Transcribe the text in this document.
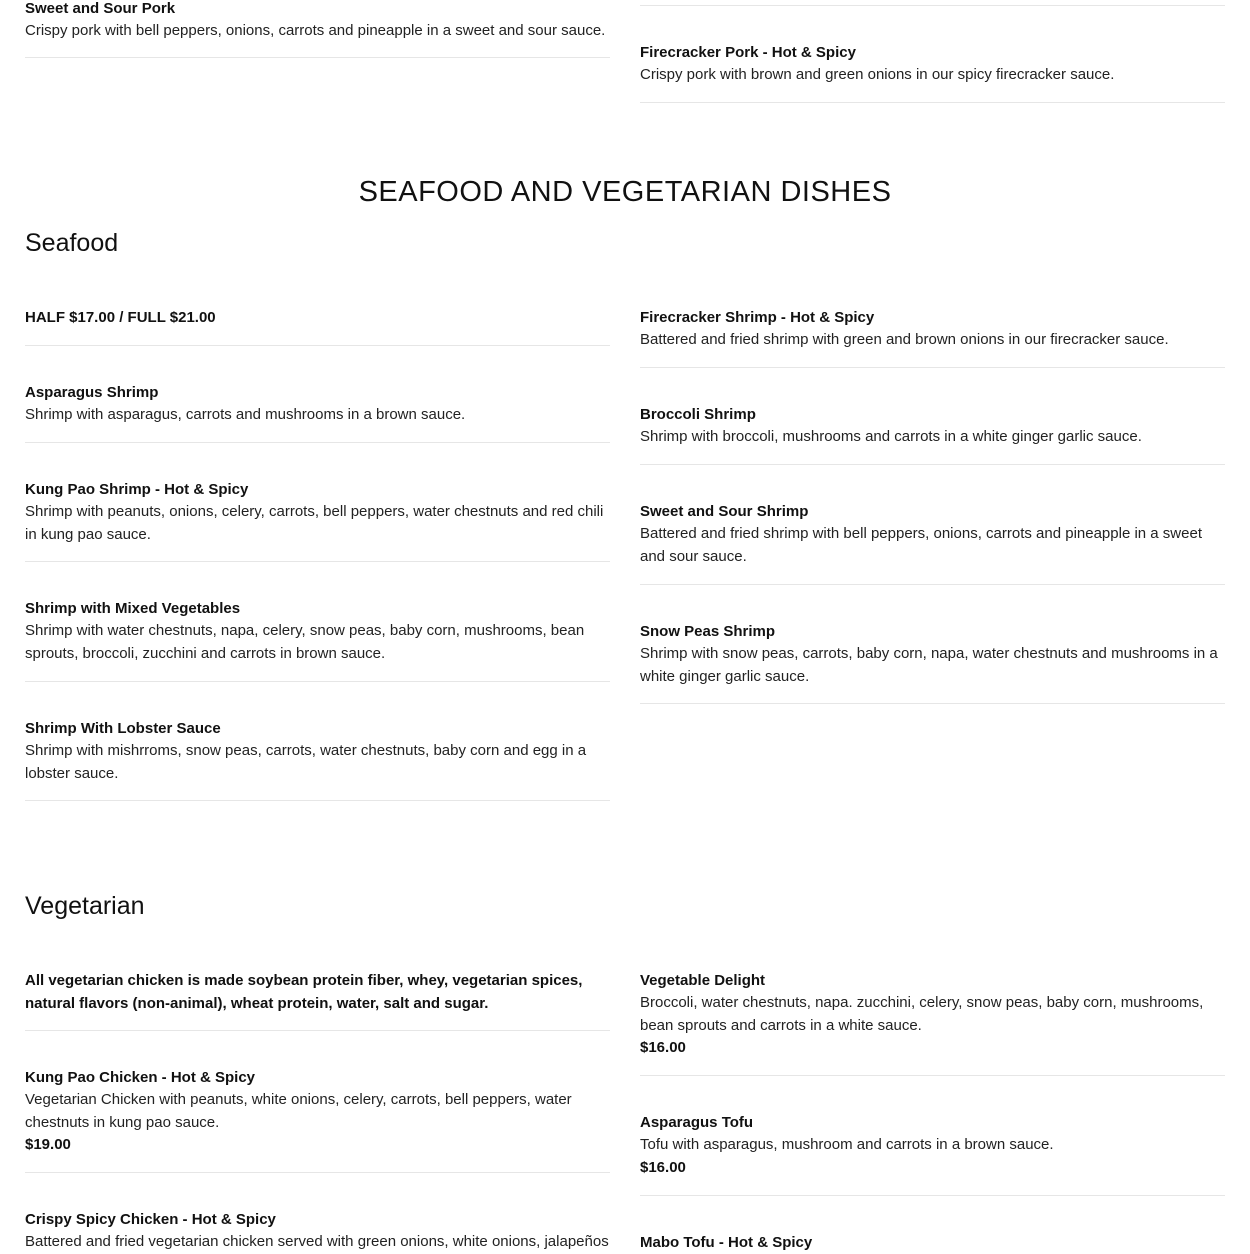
Sweet and Sour Pork
Crispy pork with bell peppers, onions, carrots and pineapple in a sweet and sour sauce.
Firecracker Pork - Hot & Spicy
Crispy pork with brown and green onions in our spicy firecracker sauce.
SEAFOOD AND VEGETARIAN DISHES
Seafood
HALF $17.00 / FULL $21.00	Firecracker Shrimp - Hot & Spicy
Battered and fried shrimp with green and brown onions in our firecracker sauce.
Asparagus Shrimp
Shrimp with asparagus, carrots and mushrooms in a brown sauce.	Broccoli Shrimp
Shrimp with broccoli, mushrooms and carrots in a white ginger garlic sauce.
Kung Pao Shrimp - Hot & Spicy
Shrimp with peanuts, onions, celery, carrots, bell peppers, water chestnuts and red chili in kung pao sauce.
Sweet and Sour Shrimp
Battered and fried shrimp with bell peppers, onions, carrots and pineapple in a sweet and sour sauce.
Shrimp with Mixed Vegetables
Shrimp with water chestnuts, napa, celery, snow peas, baby corn, mushrooms, bean sprouts, broccoli, zucchini and carrots in brown sauce.
Snow Peas Shrimp
Shrimp with snow peas, carrots, baby corn, napa, water chestnuts and mushrooms in a white ginger garlic sauce.
Shrimp With Lobster Sauce
Shrimp with mishrroms, snow peas, carrots, water chestnuts, baby corn and egg in a lobster sauce.
Vegetarian
All vegetarian chicken is made soybean protein fiber, whey, vegetarian spices, natural flavors (non-animal), wheat protein, water, salt and sugar.
Vegetable Delight
Broccoli, water chestnuts, napa. zucchini, celery, snow peas, baby corn, mushrooms, bean sprouts and carrots in a white sauce.
$16.00
Kung Pao Chicken - Hot & Spicy
Vegetarian Chicken with peanuts, white onions, celery, carrots, bell peppers, water chestnuts in kung pao sauce.
$19.00
Asparagus Tofu
Tofu with asparagus, mushroom and carrots in a brown sauce.
$16.00
Crispy Spicy Chicken - Hot & Spicy
Battered and fried vegetarian chicken served with green onions, white onions, jalapeños Mabo Tofu - Hot & Spicy
